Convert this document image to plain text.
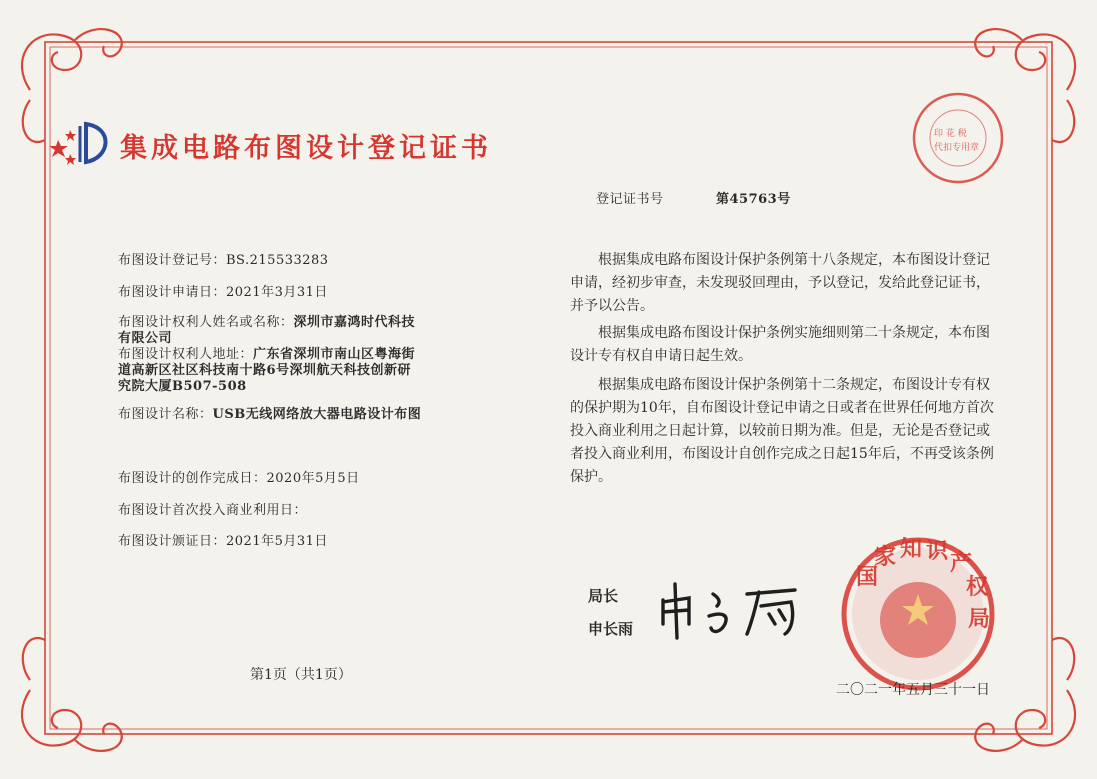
集成电路布图设计登记证书
登记证书号	第45763号
布图设计登记号：BS.215533283
布图设计申请日：2021年3月31日
布图设计权利人姓名或名称：深圳市嘉鸿时代科技
有限公司
布图设计权利人地址：广东省深圳市南山区粤海街
道高新区社区科技南十路6号深圳航天科技创新研
究院大厦B507-508
布图设计名称：USB无线网络放大器电路设计布图
布图设计的创作完成日：2020年5月5日
布图设计首次投入商业利用日：
布图设计颁证日：2021年5月31日
根据集成电路布图设计保护条例第十八条规定，本布图设计登记申请，经初步审查，未发现驳回理由，予以登记，发给此登记证书，并予以公告。
根据集成电路布图设计保护条例实施细则第二十条规定，本布图设计专有权自申请日起生效。
根据集成电路布图设计保护条例第十二条规定，布图设计专有权的保护期为10年，自布图设计登记申请之日或者在世界任何地方首次投入商业利用之日起计算，以较前日期为准。但是，无论是否登记或者投入商业利用，布图设计自创作完成之日起15年后，不再受该条例保护。
局长
申长雨
国
家 知 识 产
权
局
二〇二一年五月三十一日
印 花 税
代扣专用章
第1页（共1页）
